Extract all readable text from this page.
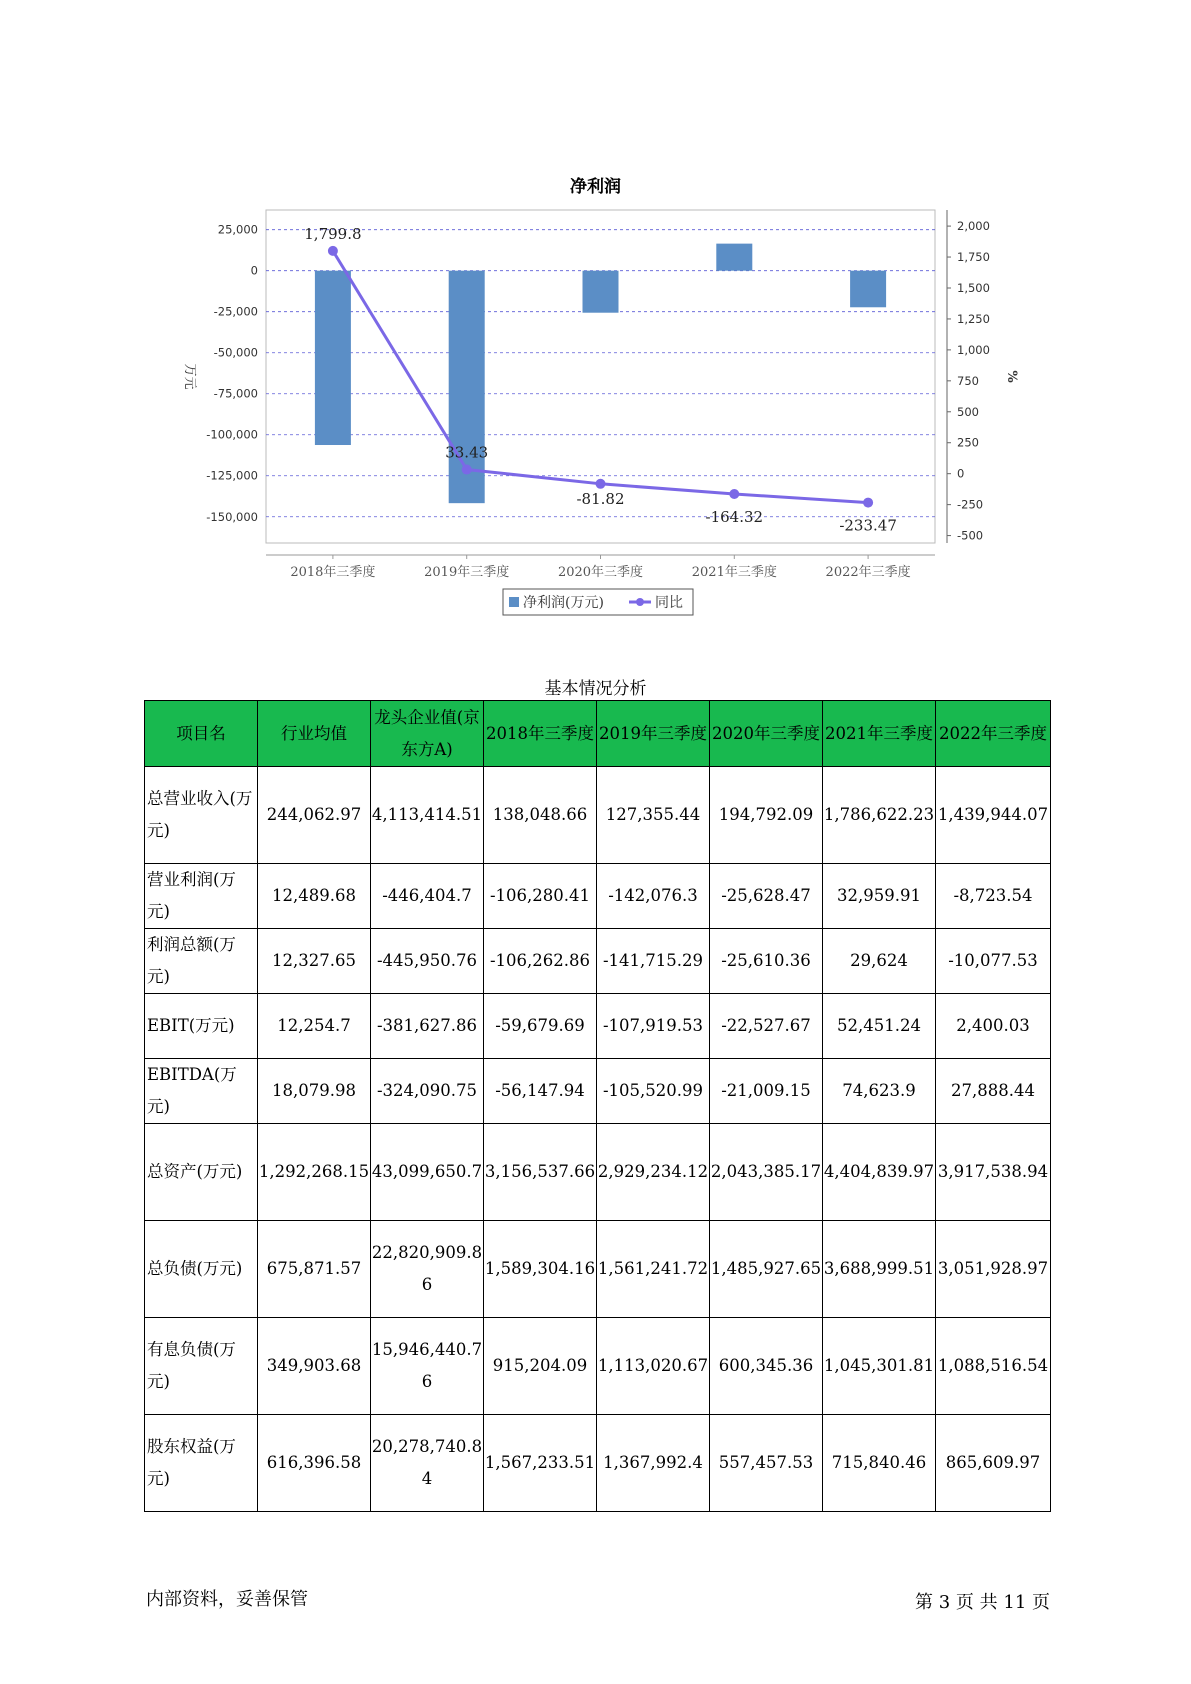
净利润
25,000
0
-25,000
-50,000
-75,000
-100,000
-125,000
-150,000
2,000
1,750
1,500
1,250
1,000
750
500
250
0
-250
-500
2018年三季度	2019年三季度	2020年三季度	2021年三季度	2022年三季度
万元	%
1,799.8
33.43
-81.82
-164.32	-233.47
净利润(万元)	同比
基本情况分析
项目名	行业均值	龙头企业值(京东方A)	2018年三季度	2019年三季度	2020年三季度	2021年三季度	2022年三季度
总营业收入(万元)	244,062.97	4,113,414.51	138,048.66	127,355.44	194,792.09	1,786,622.23	1,439,944.07
营业利润(万元)	12,489.68	-446,404.7	-106,280.41	-142,076.3	-25,628.47	32,959.91	-8,723.54
利润总额(万元)	12,327.65	-445,950.76	-106,262.86	-141,715.29	-25,610.36	29,624	-10,077.53
EBIT(万元)	12,254.7	-381,627.86	-59,679.69	-107,919.53	-22,527.67	52,451.24	2,400.03
EBITDA(万元)	18,079.98	-324,090.75	-56,147.94	-105,520.99	-21,009.15	74,623.9	27,888.44
总资产(万元)	1,292,268.15	43,099,650.7	3,156,537.66	2,929,234.12	2,043,385.17	4,404,839.97	3,917,538.94
总负债(万元)	675,871.57	22,820,909.86	1,589,304.16	1,561,241.72	1,485,927.65	3,688,999.51	3,051,928.97
有息负债(万元)	349,903.68	15,946,440.76	915,204.09	1,113,020.67	600,345.36	1,045,301.81	1,088,516.54
股东权益(万元)	616,396.58	20,278,740.84	1,567,233.51	1,367,992.4	557,457.53	715,840.46	865,609.97
内部资料，妥善保管	第 3 页 共 11 页
